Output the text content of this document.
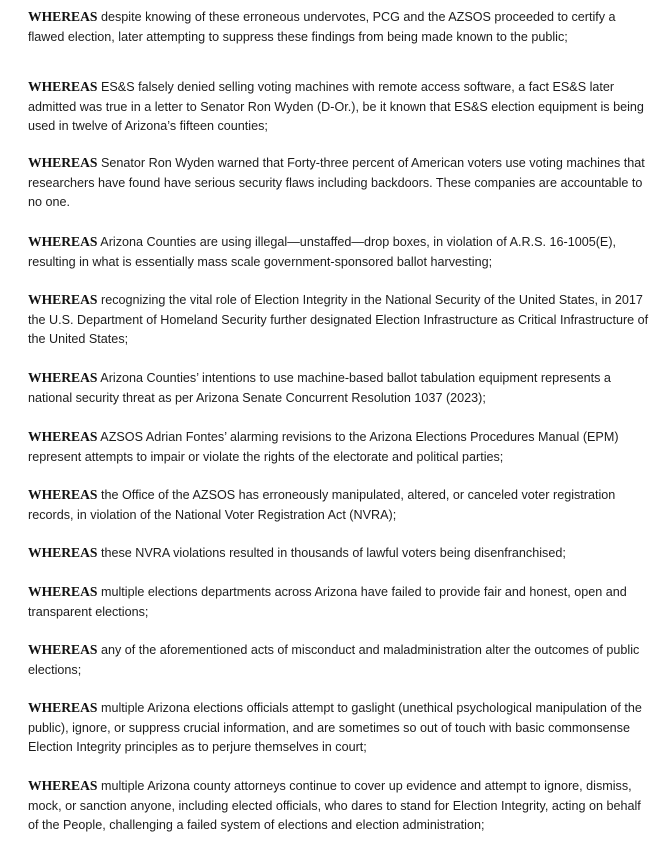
WHEREAS despite knowing of these erroneous undervotes, PCG and the AZSOS proceeded to certify a flawed election, later attempting to suppress these findings from being made known to the public;

WHEREAS ES&S falsely denied selling voting machines with remote access software, a fact ES&S later admitted was true in a letter to Senator Ron Wyden (D-Or.), be it known that ES&S election equipment is being used in twelve of Arizona’s fifteen counties;

WHEREAS Senator Ron Wyden warned that Forty-three percent of American voters use voting machines that researchers have found have serious security flaws including backdoors. These companies are accountable to no one.

WHEREAS Arizona Counties are using illegal—unstaffed—drop boxes, in violation of A.R.S. 16-1005(E), resulting in what is essentially mass scale government-sponsored ballot harvesting;

WHEREAS recognizing the vital role of Election Integrity in the National Security of the United States, in 2017 the U.S. Department of Homeland Security further designated Election Infrastructure as Critical Infrastructure of the United States;

WHEREAS Arizona Counties’ intentions to use machine-based ballot tabulation equipment represents a national security threat as per Arizona Senate Concurrent Resolution 1037 (2023);

WHEREAS AZSOS Adrian Fontes’ alarming revisions to the Arizona Elections Procedures Manual (EPM) represent attempts to impair or violate the rights of the electorate and political parties;

WHEREAS the Office of the AZSOS has erroneously manipulated, altered, or canceled voter registration records, in violation of the National Voter Registration Act (NVRA);

WHEREAS these NVRA violations resulted in thousands of lawful voters being disenfranchised;

WHEREAS multiple elections departments across Arizona have failed to provide fair and honest, open and transparent elections;

WHEREAS any of the aforementioned acts of misconduct and maladministration alter the outcomes of public elections;

WHEREAS multiple Arizona elections officials attempt to gaslight (unethical psychological manipulation of the public), ignore, or suppress crucial information, and are sometimes so out of touch with basic commonsense Election Integrity principles as to perjure themselves in court;

WHEREAS multiple Arizona county attorneys continue to cover up evidence and attempt to ignore, dismiss, mock, or sanction anyone, including elected officials, who dares to stand for Election Integrity, acting on behalf of the People, challenging a failed system of elections and election administration;
